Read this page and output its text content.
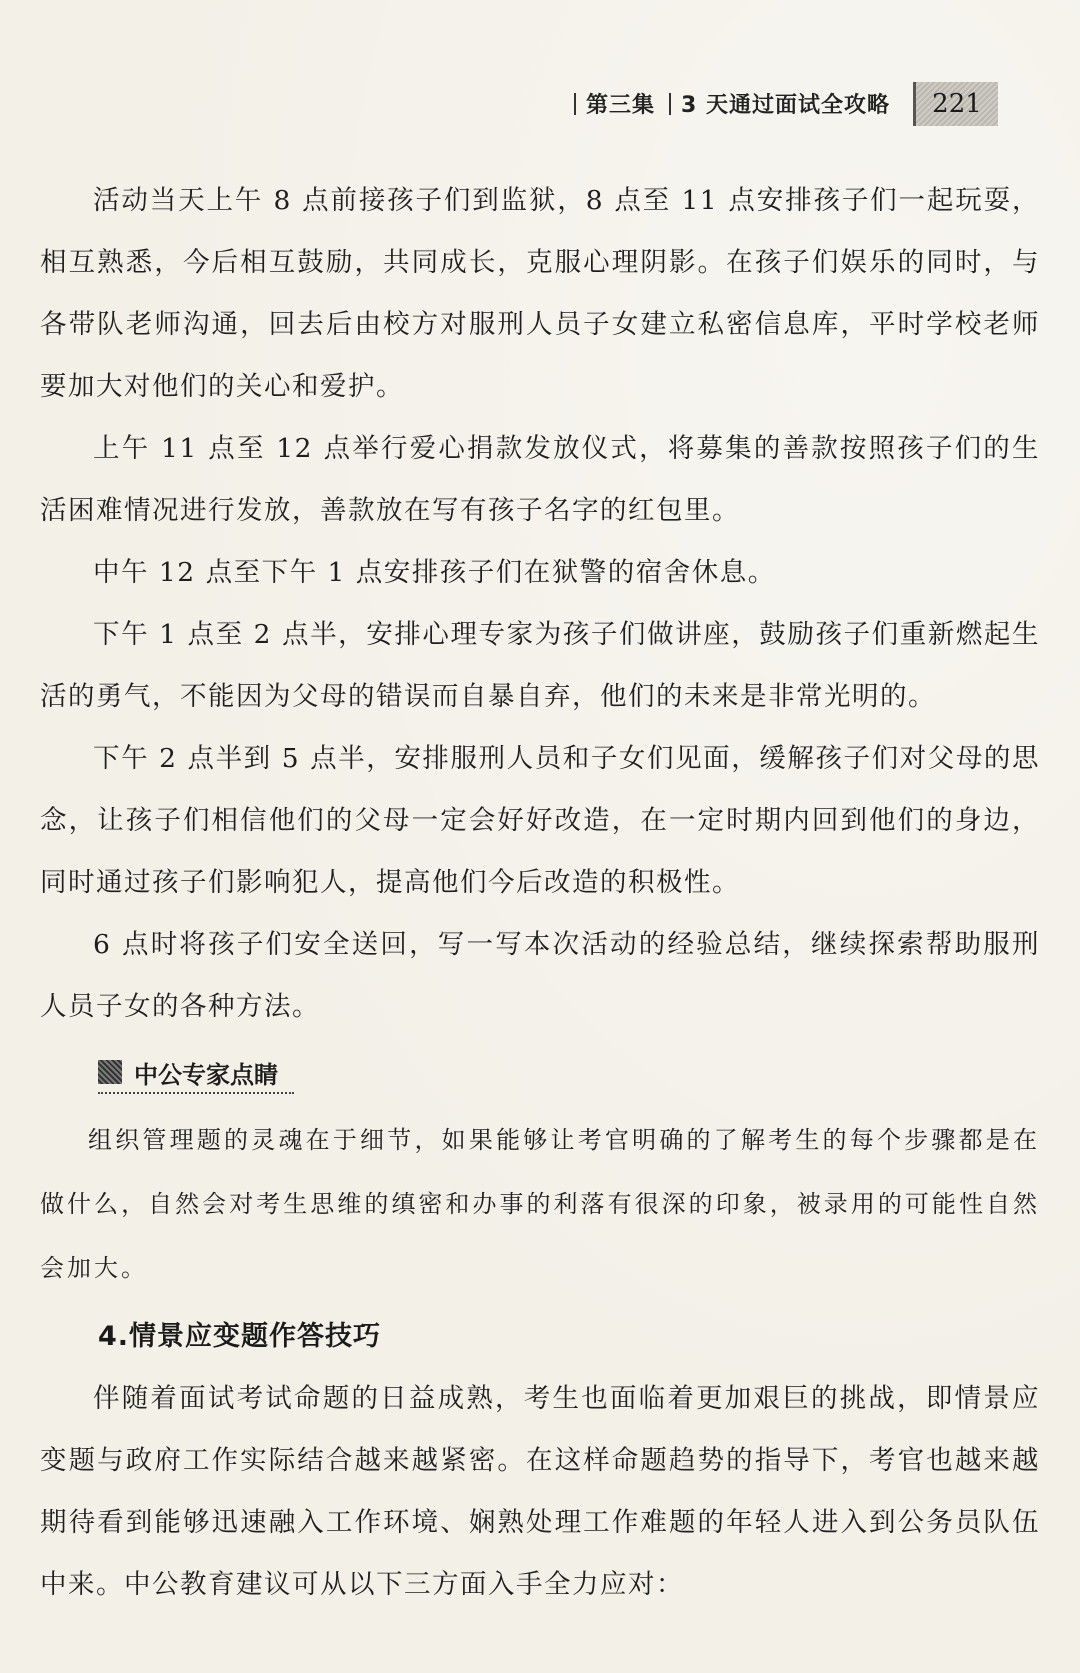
第三集 3 天通过面试全攻略 221

活动当天上午 8 点前接孩子们到监狱，8 点至 11 点安排孩子们一起玩耍，相互熟悉，今后相互鼓励，共同成长，克服心理阴影。在孩子们娱乐的同时，与各带队老师沟通，回去后由校方对服刑人员子女建立私密信息库，平时学校老师要加大对他们的关心和爱护。

上午 11 点至 12 点举行爱心捐款发放仪式，将募集的善款按照孩子们的生活困难情况进行发放，善款放在写有孩子名字的红包里。

中午 12 点至下午 1 点安排孩子们在狱警的宿舍休息。

下午 1 点至 2 点半，安排心理专家为孩子们做讲座，鼓励孩子们重新燃起生活的勇气，不能因为父母的错误而自暴自弃，他们的未来是非常光明的。

下午 2 点半到 5 点半，安排服刑人员和子女们见面，缓解孩子们对父母的思念，让孩子们相信他们的父母一定会好好改造，在一定时期内回到他们的身边，同时通过孩子们影响犯人，提高他们今后改造的积极性。

6 点时将孩子们安全送回，写一写本次活动的经验总结，继续探索帮助服刑人员子女的各种方法。

中公专家点睛

组织管理题的灵魂在于细节，如果能够让考官明确的了解考生的每个步骤都是在做什么，自然会对考生思维的缜密和办事的利落有很深的印象，被录用的可能性自然会加大。

4.情景应变题作答技巧

伴随着面试考试命题的日益成熟，考生也面临着更加艰巨的挑战，即情景应变题与政府工作实际结合越来越紧密。在这样命题趋势的指导下，考官也越来越期待看到能够迅速融入工作环境、娴熟处理工作难题的年轻人进入到公务员队伍中来。中公教育建议可从以下三方面入手全力应对：
